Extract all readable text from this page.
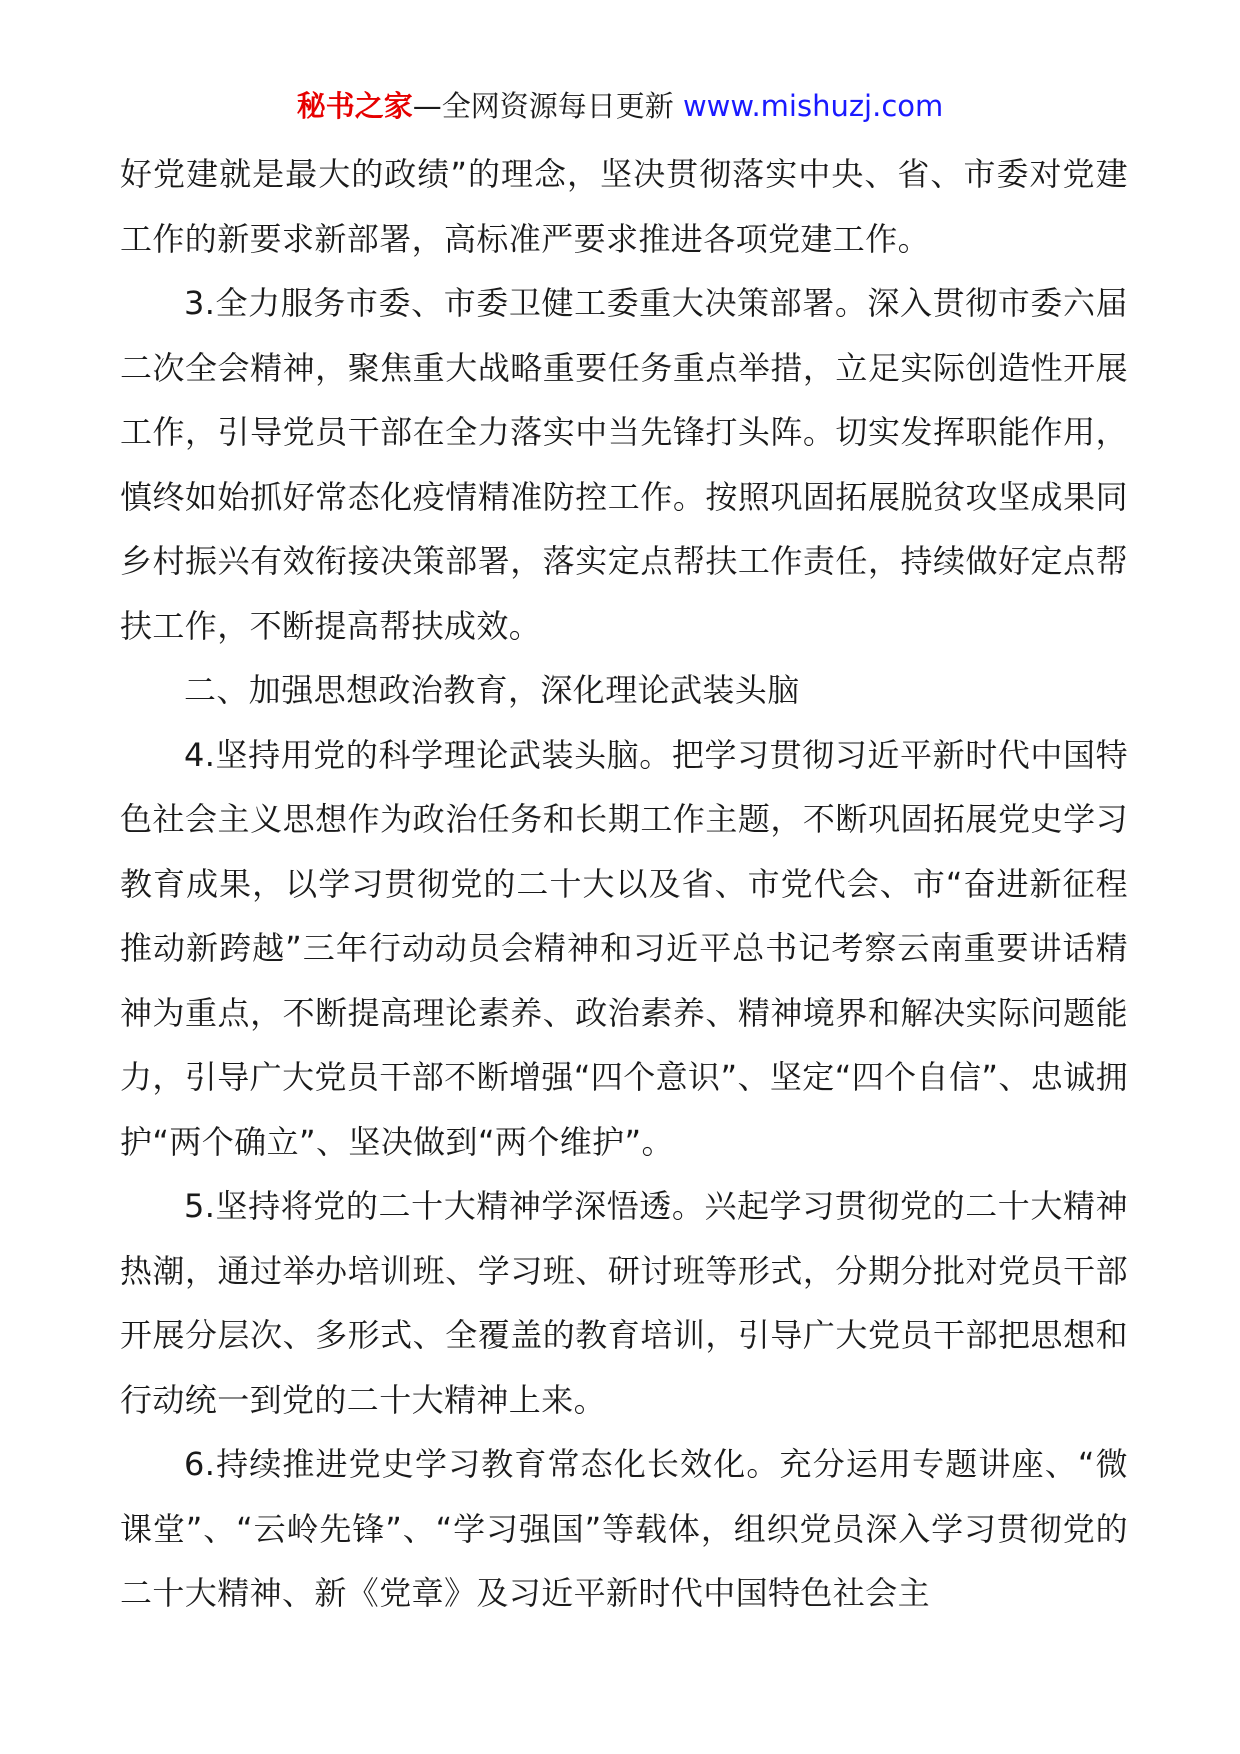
秘书之家—全网资源每日更新 www.mishuzj.com

好党建就是最大的政绩”的理念，坚决贯彻落实中央、省、市委对党建工作的新要求新部署，高标准严要求推进各项党建工作。

3.全力服务市委、市委卫健工委重大决策部署。深入贯彻市委六届二次全会精神，聚焦重大战略重要任务重点举措，立足实际创造性开展工作，引导党员干部在全力落实中当先锋打头阵。切实发挥职能作用，慎终如始抓好常态化疫情精准防控工作。按照巩固拓展脱贫攻坚成果同乡村振兴有效衔接决策部署，落实定点帮扶工作责任，持续做好定点帮扶工作，不断提高帮扶成效。

二、加强思想政治教育，深化理论武装头脑

4.坚持用党的科学理论武装头脑。把学习贯彻习近平新时代中国特色社会主义思想作为政治任务和长期工作主题，不断巩固拓展党史学习教育成果，以学习贯彻党的二十大以及省、市党代会、市“奋进新征程推动新跨越”三年行动动员会精神和习近平总书记考察云南重要讲话精神为重点，不断提高理论素养、政治素养、精神境界和解决实际问题能力，引导广大党员干部不断增强“四个意识”、坚定“四个自信”、忠诚拥护“两个确立”、坚决做到“两个维护”。

5.坚持将党的二十大精神学深悟透。兴起学习贯彻党的二十大精神热潮，通过举办培训班、学习班、研讨班等形式，分期分批对党员干部开展分层次、多形式、全覆盖的教育培训，引导广大党员干部把思想和行动统一到党的二十大精神上来。

6.持续推进党史学习教育常态化长效化。充分运用专题讲座、“微课堂”、“云岭先锋”、“学习强国”等载体，组织党员深入学习贯彻党的二十大精神、新《党章》及习近平新时代中国特色社会主
